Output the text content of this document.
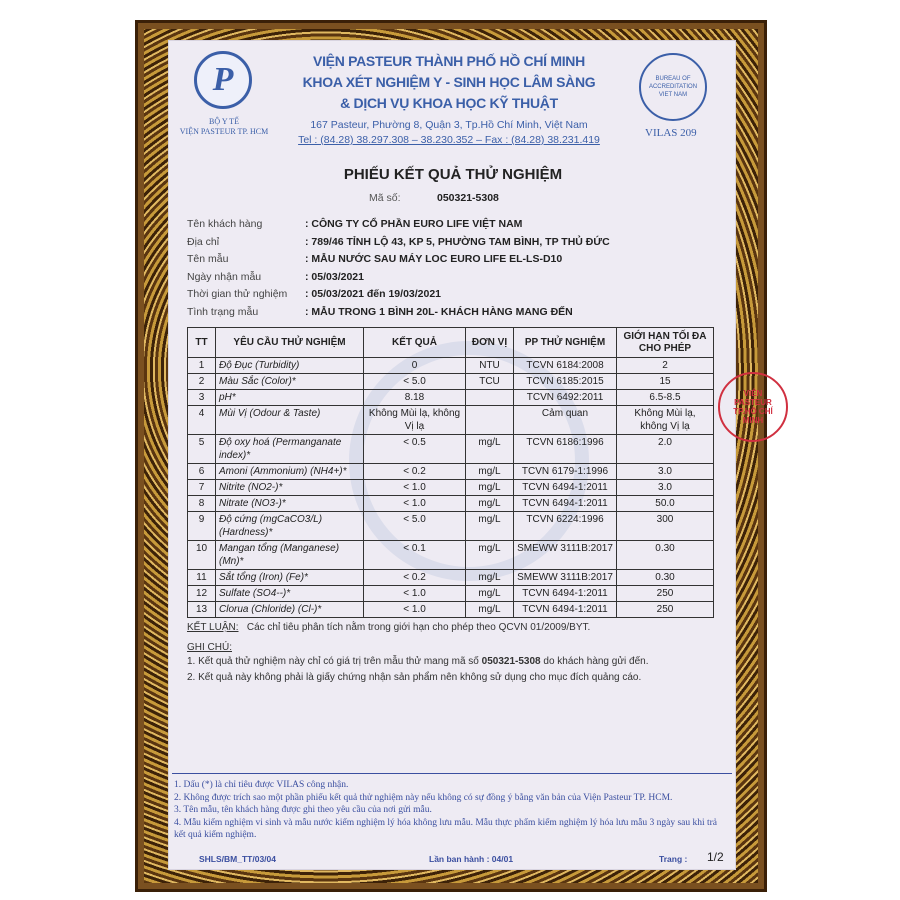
P
BỘ Y TẾ
VIỆN PASTEUR TP. HCM
VIỆN PASTEUR THÀNH PHỐ HỒ CHÍ MINH
KHOA XÉT NGHIỆM Y - SINH HỌC LÂM SÀNG
& DỊCH VỤ KHOA HỌC KỸ THUẬT
167 Pasteur, Phường 8, Quận 3, Tp.Hồ Chí Minh, Việt Nam
Tel : (84.28) 38.297.308 – 38.230.352 – Fax : (84.28) 38.231.419
BUREAU OF ACCREDITATION VIET NAM
VILAS 209
PHIẾU KẾT QUẢ THỬ NGHIỆM
Mã số:	050321-5308
Tên khách hàng	: CÔNG TY CỔ PHẦN EURO LIFE VIỆT NAM
Địa chỉ	: 789/46 TỈNH LỘ 43, KP 5, PHƯỜNG TAM BÌNH, TP THỦ ĐỨC
Tên mẫu	: MẪU NƯỚC SAU MÁY LOC EURO LIFE EL-LS-D10
Ngày nhận mẫu	: 05/03/2021
Thời gian thử nghiệm : 05/03/2021 đến 19/03/2021
Tình trạng mẫu	: MẪU TRONG 1 BÌNH 20L- KHÁCH HÀNG MANG ĐẾN
TT	YÊU CẦU THỬ NGHIỆM	KẾT QUẢ	ĐƠN VỊ	PP THỬ NGHIỆM	GIỚI HẠN TỐI ĐA CHO PHÉP
1	Độ Đục (Turbidity)	0	NTU	TCVN 6184:2008	2
2	Màu Sắc (Color)*	< 5.0	TCU	TCVN 6185:2015	15
3	pH*	8.18		TCVN 6492:2011	6.5-8.5
4	Mùi Vị (Odour & Taste)	Không Mùi lạ, không Vị lạ		Cảm quan	Không Mùi lạ, không Vị lạ
5	Độ oxy hoá (Permanganate index)*	< 0.5	mg/L	TCVN 6186:1996	2.0
6	Amoni (Ammonium) (NH4+)*	< 0.2	mg/L	TCVN 6179-1:1996	3.0
7	Nitrite (NO2-)*	< 1.0	mg/L	TCVN 6494-1:2011	3.0
8	Nitrate (NO3-)*	< 1.0	mg/L	TCVN 6494-1:2011	50.0
9	Độ cứng (mgCaCO3/L) (Hardness)*	< 5.0	mg/L	TCVN 6224:1996	300
10	Mangan tổng (Manganese) (Mn)*	< 0.1	mg/L	SMEWW 3111B:2017	0.30
11	Sắt tổng (Iron) (Fe)*	< 0.2	mg/L	SMEWW 3111B:2017	0.30
12	Sulfate (SO4--)*	< 1.0	mg/L	TCVN 6494-1:2011	250
13	Clorua (Chloride) (Cl-)*	< 1.0	mg/L	TCVN 6494-1:2011	250
KẾT LUẬN: Các chỉ tiêu phân tích nằm trong giới hạn cho phép theo QCVN 01/2009/BYT.
GHI CHÚ:
1. Kết quả thử nghiệm này chỉ có giá trị trên mẫu thử mang mã số 050321-5308 do khách hàng gửi đến.
2. Kết quả này không phải là giấy chứng nhận sản phẩm nên không sử dụng cho mục đích quảng cáo.
1. Dấu (*) là chỉ tiêu được VILAS công nhận.
2. Không được trích sao một phần phiếu kết quả thử nghiệm này nếu không có sự đồng ý bằng văn bản của Viện Pasteur TP. HCM.
3. Tên mẫu, tên khách hàng được ghi theo yêu cầu của nơi gửi mẫu.
4. Mẫu kiểm nghiệm vi sinh và mẫu nước kiểm nghiệm lý hóa không lưu mẫu. Mẫu thực phẩm kiểm nghiệm lý hóa lưu mẫu 3 ngày sau khi trả kết quả kiểm nghiệm.
SHLS/BM_TT/03/04	Lần ban hành : 04/01	Trang : 1/2
VIỆN PASTEUR TP.HỒ CHÍ MINH
